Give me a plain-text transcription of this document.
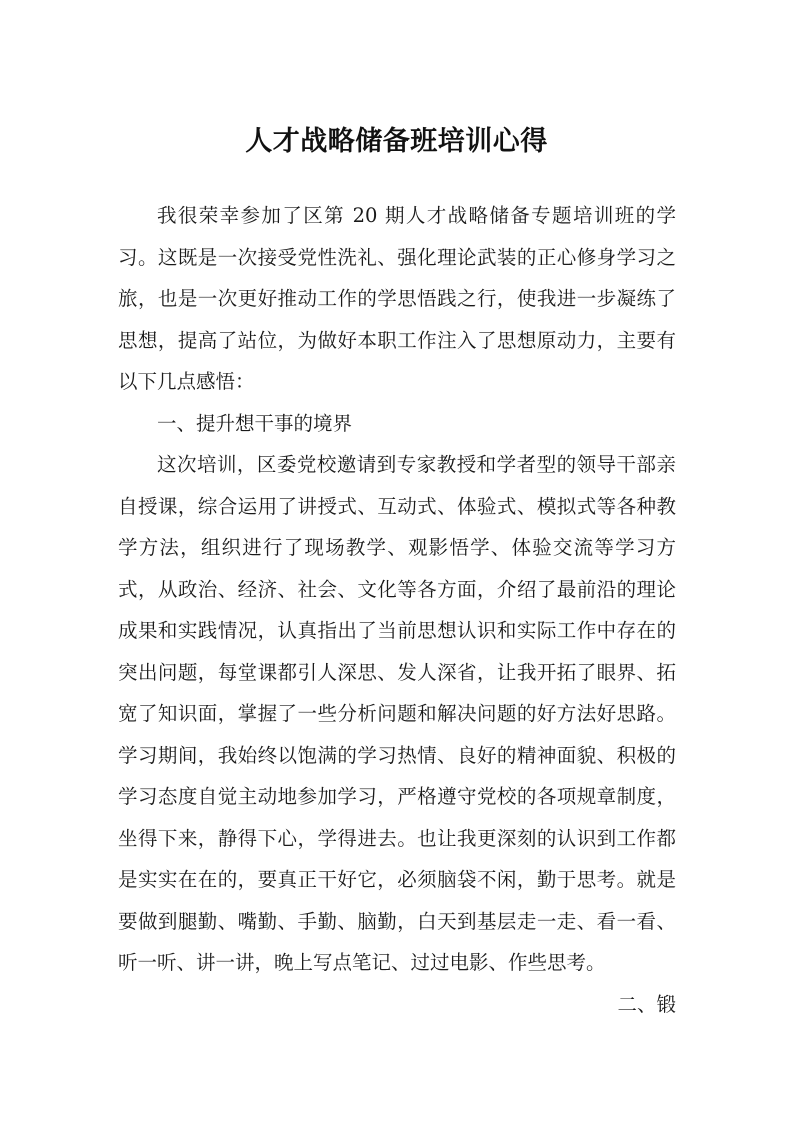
人才战略储备班培训心得

我很荣幸参加了区第 20 期人才战略储备专题培训班的学习。这既是一次接受党性洗礼、强化理论武装的正心修身学习之旅，也是一次更好推动工作的学思悟践之行，使我进一步凝练了思想，提高了站位，为做好本职工作注入了思想原动力，主要有以下几点感悟：

一、提升想干事的境界

这次培训，区委党校邀请到专家教授和学者型的领导干部亲自授课，综合运用了讲授式、互动式、体验式、模拟式等各种教学方法，组织进行了现场教学、观影悟学、体验交流等学习方式，从政治、经济、社会、文化等各方面，介绍了最前沿的理论成果和实践情况，认真指出了当前思想认识和实际工作中存在的突出问题，每堂课都引人深思、发人深省，让我开拓了眼界、拓宽了知识面，掌握了一些分析问题和解决问题的好方法好思路。学习期间，我始终以饱满的学习热情、良好的精神面貌、积极的学习态度自觉主动地参加学习，严格遵守党校的各项规章制度，坐得下来，静得下心，学得进去。也让我更深刻的认识到工作都是实实在在的，要真正干好它，必须脑袋不闲，勤于思考。就是要做到腿勤、嘴勤、手勤、脑勤，白天到基层走一走、看一看、听一听、讲一讲，晚上写点笔记、过过电影、作些思考。
二、锻
